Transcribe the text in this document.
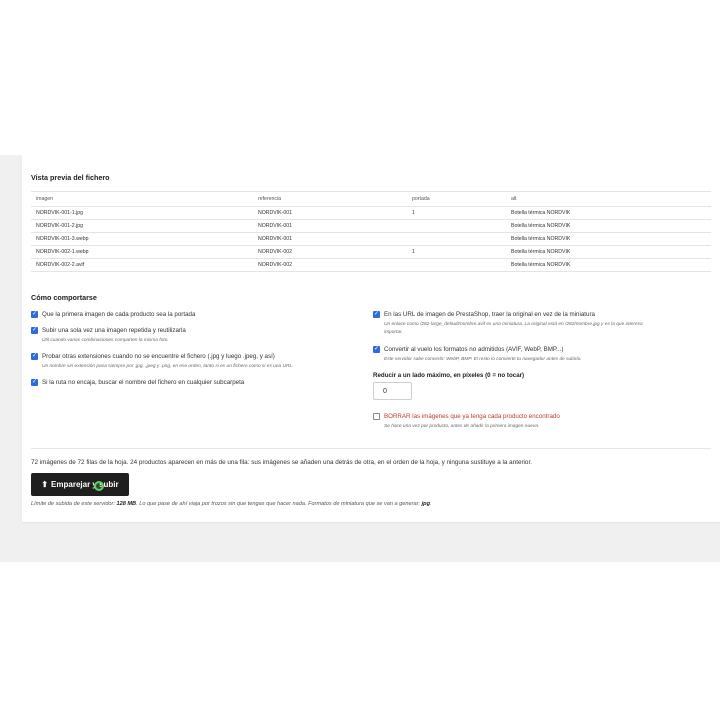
Vista previa del fichero
imagen	referencia	portada	alt
NORDVIK-001-1.jpg	NORDVIK-001	1	Botella térmica NORDVIK
NORDVIK-001-2.jpg	NORDVIK-001		Botella térmica NORDVIK
NORDVIK-001-3.webp	NORDVIK-001		Botella térmica NORDVIK
NORDVIK-002-1.webp	NORDVIK-002	1	Botella térmica NORDVIK
NORDVIK-002-2.avif	NORDVIK-002		Botella térmica NORDVIK

Cómo comportarse
✓ Que la primera imagen de cada producto sea la portada
✓ Subir una sola vez una imagen repetida y reutilizarla
Útil cuando varias combinaciones comparten la misma foto.
✓ Probar otras extensiones cuando no se encuentre el fichero (.jpg y luego .jpeg, y así)
Un nombre sin extensión pasa siempre por .jpg, .jpeg y .png, en ese orden, tanto si es un fichero como si es una URL.
✓ Si la ruta no encaja, buscar el nombre del fichero en cualquier subcarpeta
✓ En las URL de imagen de PrestaShop, traer la original en vez de la miniatura
Un enlace como /282-large_default/nombre.avif es una miniatura. La original está en /282/nombre.jpg y es la que interesa
importar.
✓ Convertir al vuelo los formatos no admitidos (AVIF, WebP, BMP...)
Este servidor sabe convertir: WebP, BMP. El resto lo convierte tu navegador antes de subirlo.
Reducir a un lado máximo, en píxeles (0 = no tocar)
0
BORRAR las imágenes que ya tenga cada producto encontrado
Se hace una vez por producto, antes de añadir la primera imagen nueva.
72 imágenes de 72 filas de la hoja. 24 productos aparecen en más de una fila: sus imágenes se añaden una detrás de otra, en el orden de la hoja, y ninguna sustituye a la anterior.
⬆ Emparejar y subir
Límite de subida de este servidor: 128 MB. Lo que pase de ahí viaja por trozos sin que tengas que hacer nada. Formatos de miniatura que se van a generar: jpg.
